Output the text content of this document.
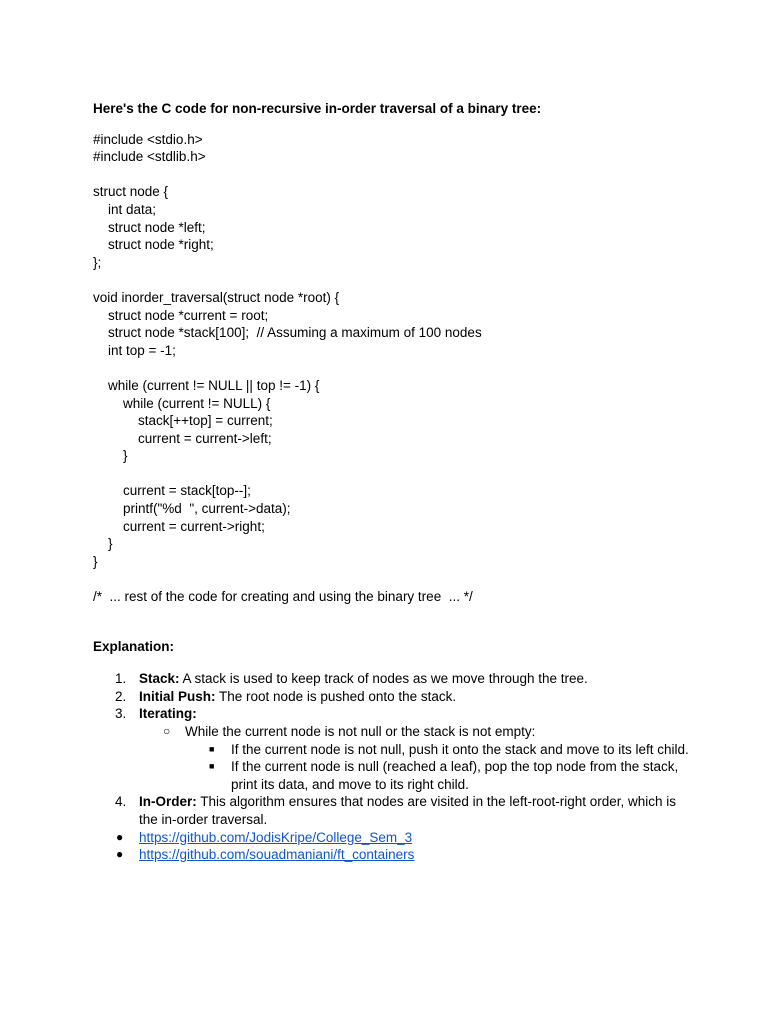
Here's the C code for non-recursive in-order traversal of a binary tree:
#include <stdio.h>
#include <stdlib.h>
struct node {
int data;
struct node *left;
struct node *right;
};
void inorder_traversal(struct node *root) {
struct node *current = root;
struct node *stack[100];  // Assuming a maximum of 100 nodes
int top = -1;
while (current != NULL || top != -1) {
while (current != NULL) {
stack[++top] = current;
current = current->left;
}
current = stack[top--];
printf("%d  ", current->data);
current = current->right;
}
}
/*  ... rest of the code for creating and using the binary tree  ... */
Explanation:
1. Stack: A stack is used to keep track of nodes as we move through the tree.
2. Initial Push: The root node is pushed onto the stack.
3. Iterating:
○ While the current node is not null or the stack is not empty:
■ If the current node is not null, push it onto the stack and move to its left child.
■ If the current node is null (reached a leaf), pop the top node from the stack, print its data, and move to its right child.
4. In-Order: This algorithm ensures that nodes are visited in the left-root-right order, which is the in-order traversal.
● https://github.com/JodisKripe/College_Sem_3
● https://github.com/souadmaniani/ft_containers
